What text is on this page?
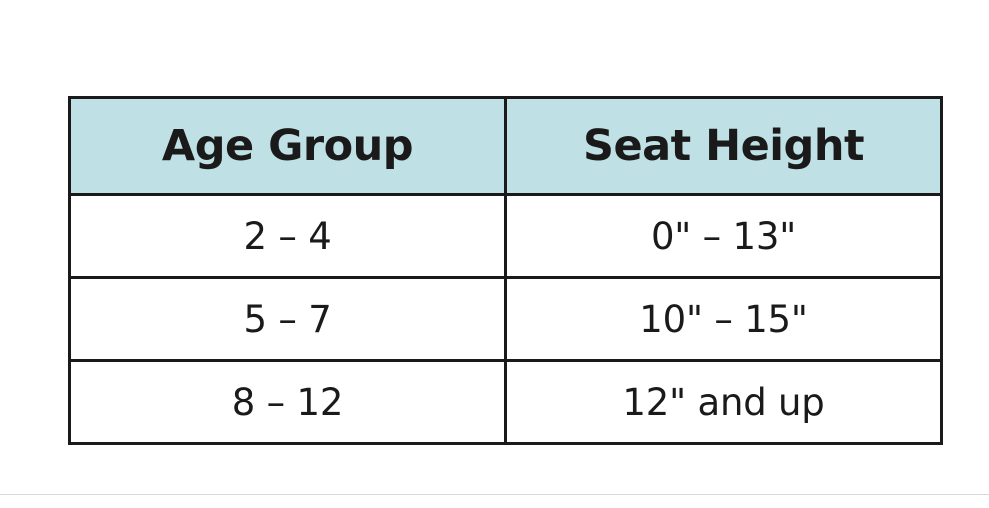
Age Group	Seat Height
2 – 4	0" – 13"
5 – 7	10" – 15"
8 – 12	12" and up
